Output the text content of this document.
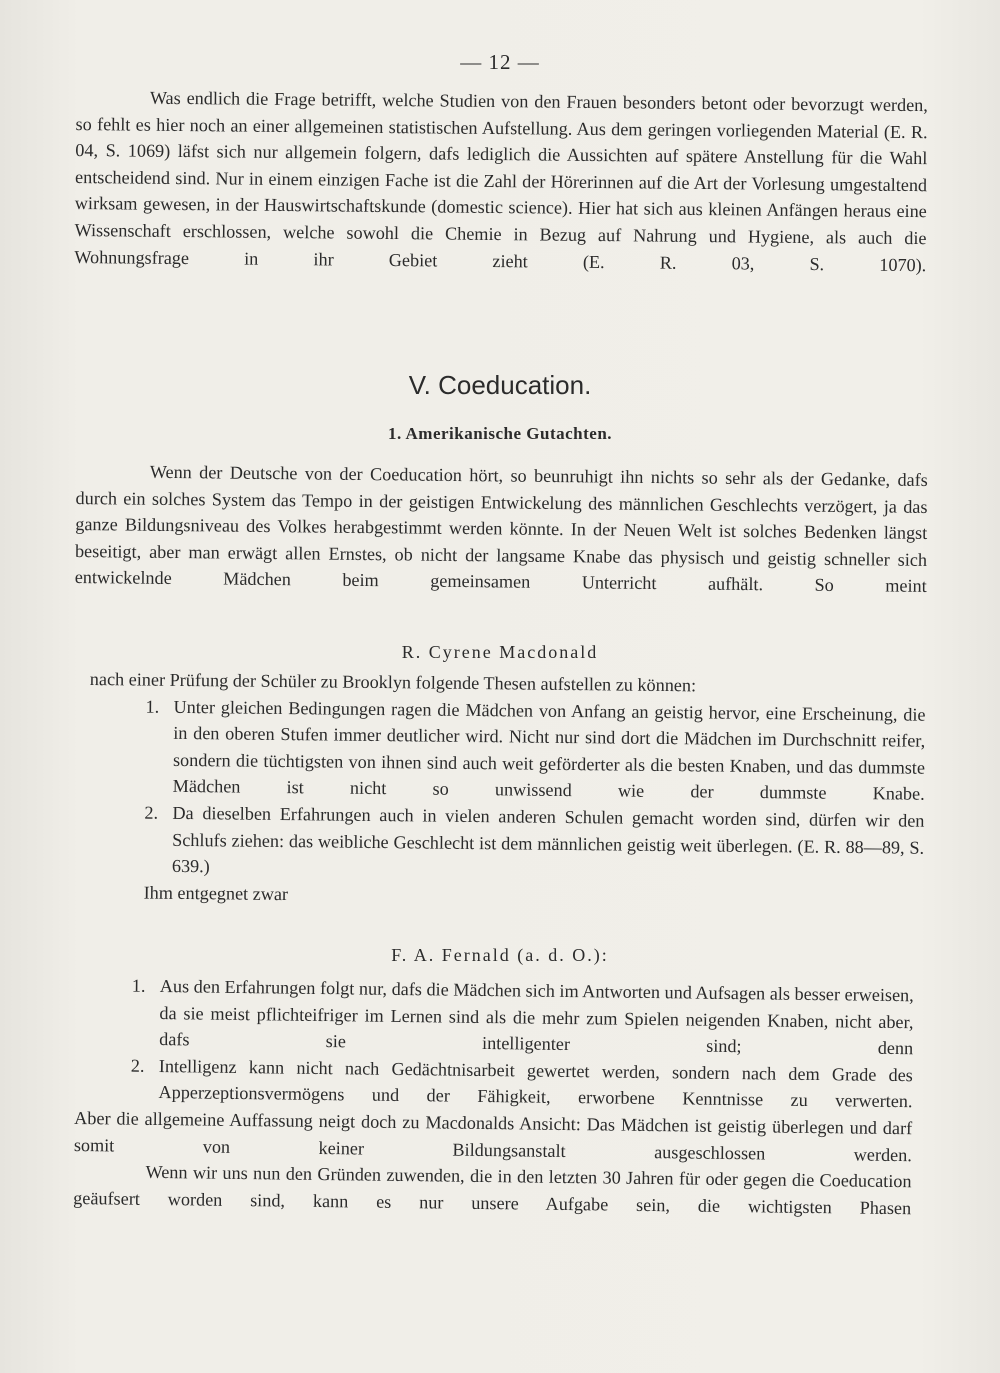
— 12 —

Was endlich die Frage betrifft, welche Studien von den Frauen besonders betont oder bevorzugt werden, so fehlt es hier noch an einer allgemeinen statistischen Aufstellung. Aus dem geringen vorliegenden Material (E. R. 04, S. 1069) läfst sich nur allgemein folgern, dafs lediglich die Aussichten auf spätere Anstellung für die Wahl entscheidend sind. Nur in einem einzigen Fache ist die Zahl der Hörerinnen auf die Art der Vorlesung umgestaltend wirksam gewesen, in der Hauswirtschaftskunde (domestic science). Hier hat sich aus kleinen Anfängen heraus eine Wissenschaft erschlossen, welche sowohl die Chemie in Bezug auf Nahrung und Hygiene, als auch die Wohnungsfrage in ihr Gebiet zieht (E. R. 03, S. 1070).

V. Coeducation.
1. Amerikanische Gutachten.

Wenn der Deutsche von der Coeducation hört, so beunruhigt ihn nichts so sehr als der Gedanke, dafs durch ein solches System das Tempo in der geistigen Entwickelung des männlichen Geschlechts verzögert, ja das ganze Bildungsniveau des Volkes herabgestimmt werden könnte. In der Neuen Welt ist solches Bedenken längst beseitigt, aber man erwägt allen Ernstes, ob nicht der langsame Knabe das physisch und geistig schneller sich entwickelnde Mädchen beim gemeinsamen Unterricht aufhält. So meint

R. Cyrene Macdonald

nach einer Prüfung der Schüler zu Brooklyn folgende Thesen aufstellen zu können:

1. Unter gleichen Bedingungen ragen die Mädchen von Anfang an geistig hervor, eine Erscheinung, die in den oberen Stufen immer deutlicher wird. Nicht nur sind dort die Mädchen im Durchschnitt reifer, sondern die tüchtigsten von ihnen sind auch weit geförderter als die besten Knaben, und das dummste Mädchen ist nicht so unwissend wie der dummste Knabe.
2. Da dieselben Erfahrungen auch in vielen anderen Schulen gemacht worden sind, dürfen wir den Schlufs ziehen: das weibliche Geschlecht ist dem männlichen geistig weit überlegen. (E. R. 88—89, S. 639.)

Ihm entgegnet zwar

F. A. Fernald (a. d. O.):
1. Aus den Erfahrungen folgt nur, dafs die Mädchen sich im Antworten und Aufsagen als besser erweisen, da sie meist pflichteifriger im Lernen sind als die mehr zum Spielen neigenden Knaben, nicht aber, dafs sie intelligenter sind; denn
2. Intelligenz kann nicht nach Gedächtnisarbeit gewertet werden, sondern nach dem Grade des Apperzeptionsvermögens und der Fähigkeit, erworbene Kenntnisse zu verwerten.

Aber die allgemeine Auffassung neigt doch zu Macdonalds Ansicht: Das Mädchen ist geistig überlegen und darf somit von keiner Bildungsanstalt ausgeschlossen werden.

Wenn wir uns nun den Gründen zuwenden, die in den letzten 30 Jahren für oder gegen die Coeducation geäufsert worden sind, kann es nur unsere Aufgabe sein, die wichtigsten Phasen
